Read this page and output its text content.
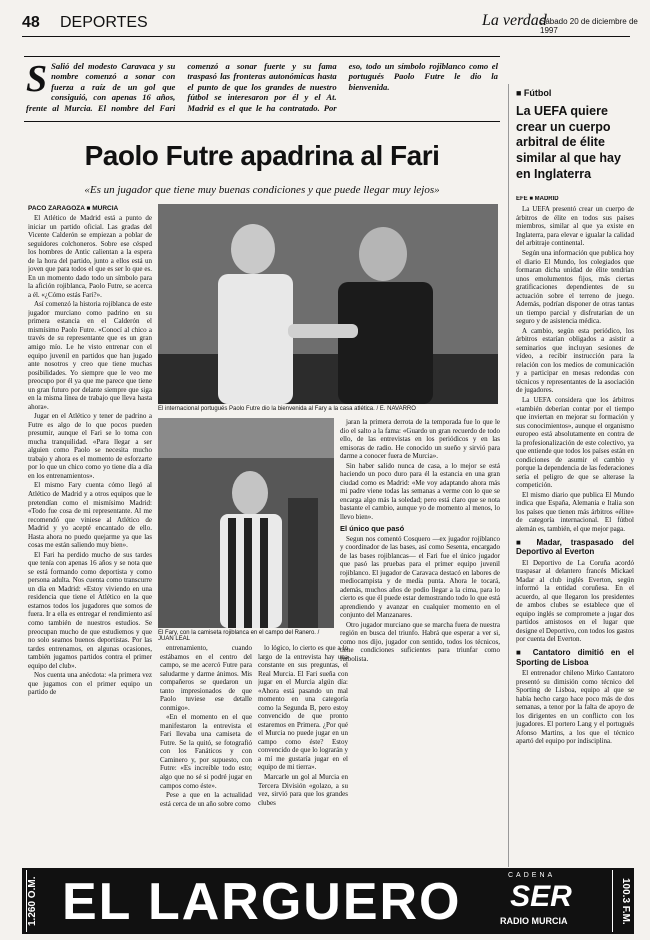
48 DEPORTES	La verdad
Sábado 20 de diciembre de 1997
S Salió del modesto Caravaca y su nombre comenzó a sonar con fuerza a raíz de un gol que consiguió, con apenas 16 años, frente al Murcia. El nombre del Fari comenzó a sonar fuerte y su fama traspasó las fronteras autonómicas hasta el punto de que los grandes de nuestro fútbol se interesaron por él y el At. Madrid es el que le ha contratado. Por eso, todo un símbolo rojiblanco como el portugués Paolo Futre le dio la bienvenida.
Paolo Futre apadrina al Fari
«Es un jugador que tiene muy buenas condiciones y que puede llegar muy lejos»
PACO ZARAGOZA ■ MURCIA

El Atlético de Madrid está a punto de iniciar un partido oficial. Las gradas del Vicente Calderón se empiezan a poblar de seguidores colchoneros. Sobre ese césped los hombres de Antic calientan a la espera de la hora del partido, junto a ellos está un joven que para todos el que es ser lo que es. En un momento dado todo un símbolo para la afición rojiblanca, Paolo Futre, se acerca a él. «¿Cómo estás Fari?».

Así comenzó la historia rojiblanca de este jugador murciano como padrino en su primera estancia en el Calderón el mismísimo Paolo Futre. «Conocí al chico a través de su representante que es un gran amigo mío. Le he visto entrenar con el equipo juvenil en partidos que han jugado ante nosotros y creo que tiene muchas posibilidades. Yo siempre que le veo me preocupo por él ya que me parece que tiene un gran futuro por delante siempre que siga en la misma línea de trabajo que lleva hasta ahora».

Jugar en el Atlético y tener de padrino a Futre es algo de lo que pocos pueden presumir, aunque el Fari se lo toma con mucha tranquilidad. «Para llegar a ser alguien como Paolo se necesita mucho trabajo y ahora es el momento de esforzarte por lo que un chico como yo tiene día a día en los entrenamientos».

El mismo Fary cuenta cómo llegó al Atlético de Madrid y a otros equipos que le pretendían como el mismísimo Madrid: «Todo fue cosa de mi representante. Al me recomendó que viniese al Atlético de Madrid y yo acepté encantado de ello. Hasta ahora no puedo quejarme ya que las cosas me están saliendo muy bien».

El Fari ha perdido mucho de sus tardes que tenía con apenas 16 años y se nota que se está formando como deportista y como persona adulta. Nos cuenta como transcurre un día en Madrid: «Estoy viviendo en una residencia que tiene el Atlético en la que estamos todos los jugadores que somos de fuera. Ir a ella es entregar el rendimiento así como también de nuestros estudios. Se preocupan mucho de que estudiemos y que no solo seamos buenos deportistas. Por las tardes entrenamos, en algunas ocasiones, también jugamos partidos contra el primer equipo del club».

Nos cuenta una anécdota: «la primera vez que jugamos con el primer equipo un partido de

El internacional portugués Paolo Futre dio la bienvenida al Fary a la casa atlética. / E. NAVARRO
El Fary, con la camiseta rojiblanca en el campo del Ranero. / JUAN LEAL

entrenamiento, cuando estábamos en el centro del campo, se me acercó Futre para saludarme y darme ánimos. Mis compañeros se quedaron un tanto impresionados de que Paolo tuviese ese detalle conmigo».

«En el momento en el que manifestaron la entrevista el Fari llevaba una camiseta de Futre. Se la quitó, se fotografió con los Fanáticos y con Caminero y, por supuesto, con Futre: «Es increíble todo esto; algo que no sé si podré jugar en campos como éste».

Pese a que en la actualidad está cerca de un año sobre como

lo lógico, lo cierto es que a lo largo de la entrevista hay una constante en sus preguntas, el Real Murcia. El Fari sueña con jugar en el Murcia algún día: «Ahora está pasando un mal momento en una categoría como la Segunda B, pero estoy convencido de que pronto estaremos en Primera. ¿Por qué el Murcia no puede jugar en un campo como éste? Estoy convencido de que lo lograrán y a mí me gustaría jugar en el equipo de mi tierra».

Marcarle un gol al Murcia en Tercera División «golazo, a su vez, sirvió para que los grandes clubes

jaran la primera derrota de la temporada fue lo que le dio el salto a la fama: «Guardo un gran recuerdo de todo ello, de las entrevistas en los periódicos y en las emisoras de radio. He conocido un sueño y sirvió para darme a conocer fuera de Murcia».

Sin haber salido nunca de casa, a lo mejor se está haciendo un poco duro para él la estancia en una gran ciudad como es Madrid: «Me voy adaptando ahora más mi padre viene todas las semanas a verme con lo que se encarga algo más la soledad; pero está claro que se nota bastante el cambio, aunque yo de momento al menos, lo llevo bien».

El único que pasó

Segun nos comentó Cosquero —ex jugador rojiblanco y coordinador de las bases, así como Sesenta, encargado de las bases rojiblancas— el Fari fue el único jugador que pasó las pruebas para el primer equipo juvenil rojiblanco. El jugador de Caravaca destacó en labores de mediocampista y de media punta. Ahora le tocará, además, muchos años de podio llegar a la cima, para lo cierto es que él puede estar demostrando todo lo que está aprendiendo y avanzar en cualquier momento en el conjunto del Manzanares.

Otro jugador murciano que se marcha fuera de nuestra región en busca del triunfo. Habrá que esperar a ver si, como nos dijo, jugador con sentido, todos los técnicos, tiene condiciones suficientes para triunfar como futbolista.

■ Fútbol
La UEFA quiere crear un cuerpo arbitral de élite similar al que hay en Inglaterra
EFE ■ MADRID

La UEFA presentó crear un cuerpo de árbitros de élite en todos sus países miembros, similar al que ya existe en Inglaterra, para elevar e igualar la calidad del arbitraje continental.

Según una información que publica hoy el diario El Mundo, los colegiados que formaran dicha unidad de élite tendrían unos emolumentos fijos, más ciertas gratificaciones dependientes de su actuación sobre el terreno de juego. Además, podrían disponer de otras tantas un tiempo parcial y disfrutarían de un seguro y de asistencia médica.

A cambio, según esta periódico, los árbitros estarían obligados a asistir a seminarios que incluyan sesiones de vídeo, a recibir instrucción para la relación con los medios de comunicación y a participar en mesas redondas con técnicos y representantes de la asociación de jugadores.

La UEFA considera que los árbitros «también deberían contar por el tiempo que inviertan en mejorar su formación y sus conocimientos», aunque el organismo europeo está absolutamente en contra de la profesionalización de este colectivo, ya que entiende que todos los países están en condiciones de asumir el cambio y porque la dependencia de las federaciones sería el peligro de que se alterase la competición.

El mismo diario que publica El Mundo indica que España, Alemania e Italia son los países que tienen más árbitros «élite» de categoría internacional. El fútbol alemán es, también, el que mejor paga.

■ Madar, traspasado del Deportivo al Everton

El Deportivo de La Coruña acordó traspasar al delantero francés Mickael Madar al club inglés Everton, según informó la entidad coruñesa. En el acuerdo, al que llegaron los presidentes de ambos clubes se establece que el equipo inglés se compromete a jugar dos partidos amistosos en el lugar que designe el Deportivo, con todos los gastos por cuenta del Everton.

■ Cantatoro dimitió en el Sporting de Lisboa

El entrenador chileno Mirko Cantatoro presentó su dimisión como técnico del Sporting de Lisboa, equipo al que se había hecho cargo hace poco más de dos semanas, a tenor por la falta de apoyo de los dirigentes en un conflicto con los jugadores. El portero Lang y el portugués Afonso Martins, a los que el técnico apartó del equipo por indisciplina.

1.260 O.M. EL LARGUERO	CADENA
SER
RADIO MURCIA	100.3 F.M.
